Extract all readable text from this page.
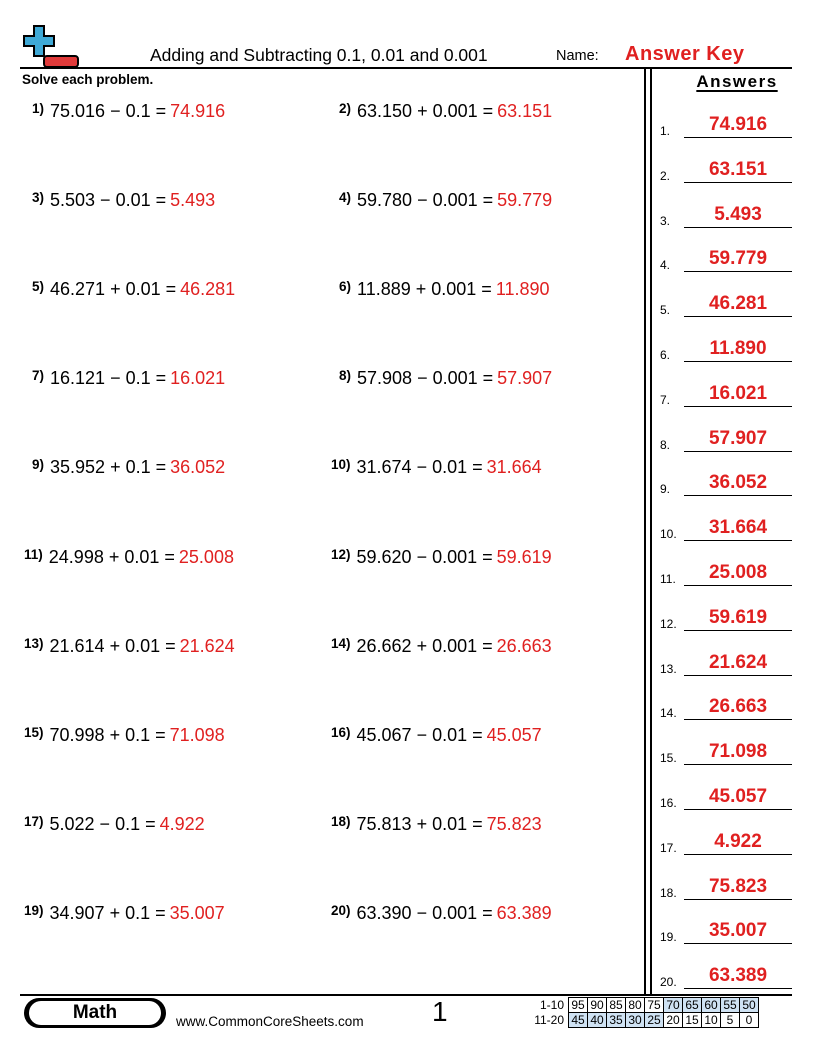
Adding and Subtracting 0.1, 0.01 and 0.001	Name: Answer Key
Solve each problem.	Answers
$^{1)}$ 75.016 − 0.1 = 74.916	$^{2)}$ 63.150 + 0.001 = 63.151
$^{3)}$ 5.503 − 0.01 = 5.493	$^{4)}$ 59.780 − 0.001 = 59.779
$^{5)}$ 46.271 + 0.01 = 46.281	$^{6)}$ 11.889 + 0.001 = 11.890
$^{7)}$ 16.121 − 0.1 = 16.021	$^{8)}$ 57.908 − 0.001 = 57.907
$^{9)}$ 35.952 + 0.1 = 36.052	$^{10)}$ 31.674 − 0.01 = 31.664
$^{11)}$ 24.998 + 0.01 = 25.008	$^{12)}$ 59.620 − 0.001 = 59.619
$^{13)}$ 21.614 + 0.01 = 21.624	$^{14)}$ 26.662 + 0.001 = 26.663
$^{15)}$ 70.998 + 0.1 = 71.098	$^{16)}$ 45.067 − 0.01 = 45.057
$^{17)}$ 5.022 − 0.1 = 4.922	$^{18)}$ 75.813 + 0.01 = 75.823
$^{19)}$ 34.907 + 0.1 = 35.007	$^{20)}$ 63.390 − 0.001 = 63.389
1.	74.916
2.	63.151
3.	5.493
4.	59.779
5.	46.281
6.	11.890
7.	16.021
8.	57.907
9.	36.052
10.	31.664
11.	25.008
12.	59.619
13.	21.624
14.	26.663
15.	71.098
16.	45.057
17.	4.922
18.	75.823
19.	35.007
20.	63.389
Math	www.CommonCoreSheets.com 1	1-10	95	90	85	80	75	70	65	60	55	50
11-20	45	40	35	30	25	20	15	10	5	0
